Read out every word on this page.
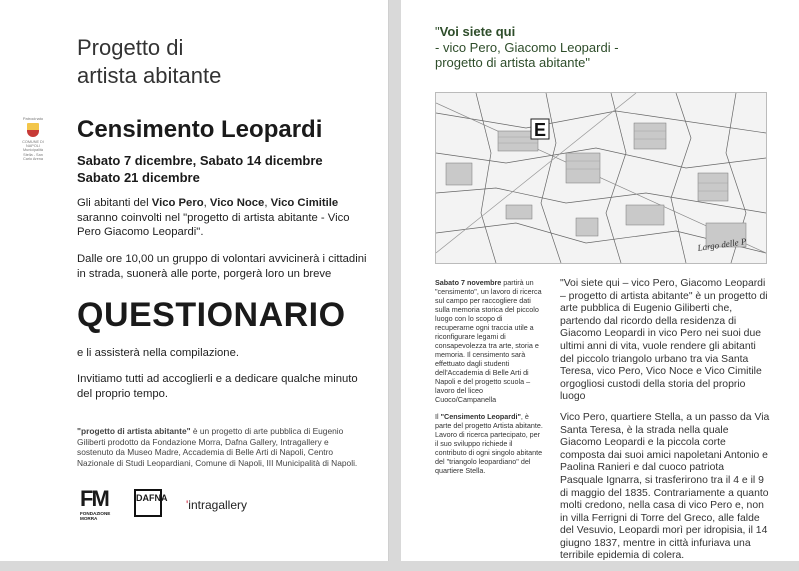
Progetto di
artista abitante
Patrocinato
COMUNE DI NAPOLI
Municipalità
Stella - San Carlo Arena
Censimento Leopardi
Sabato 7 dicembre, Sabato 14 dicembre
Sabato 21 dicembre
Gli abitanti del Vico Pero, Vico Noce, Vico Cimitile saranno coinvolti nel "progetto di artista abitante - Vico Pero Giacomo Leopardi".
Dalle ore 10,00 un gruppo di volontari avvicinerà i cittadini in strada, suonerà alle porte, porgerà loro un breve
QUESTIONARIO
e li assisterà nella compilazione.
Invitiamo tutti ad accoglierli e a dedicare qualche minuto del proprio tempo.
"progetto di artista abitante" è un progetto di arte pubblica di Eugenio Giliberti prodotto da Fondazione Morra, Dafna Gallery, Intragallery e sostenuto da Museo Madre, Accademia di Belle Arti di Napoli, Centro Nazionale di Studi Leopardiani, Comune di Napoli, III Municipalità di Napoli.
FM
FONDAZIONE
MORRA
DAFNA 'intragallery
"Voi siete qui
- vico Pero, Giacomo Leopardi -
progetto di artista abitante"
E
Largo delle P

Sabato 7 novembre partirà un "censimento", un lavoro di ricerca sul campo per raccogliere dati sulla memoria storica del piccolo luogo con lo scopo di recuperarne ogni traccia utile a riconfigurare legami di consapevolezza tra arte, storia e memoria. Il censimento sarà effettuato dagli studenti dell'Accademia di Belle Arti di Napoli e del progetto scuola – lavoro del liceo Cuoco/Campanella

Il "Censimento Leopardi", è parte del progetto Artista abitante. Lavoro di ricerca partecipato, per il suo sviluppo richiede il contributo di ogni singolo abitante del "triangolo leopardiano" del quartiere Stella.

"Voi siete qui – vico Pero, Giacomo Leopardi – progetto di artista abitante" è un progetto di arte pubblica di Eugenio Giliberti che, partendo dal ricordo della residenza di Giacomo Leopardi in vico Pero nei suoi due ultimi anni di vita, vuole rendere gli abitanti del piccolo triangolo urbano tra via Santa Teresa, vico Pero, Vico Noce e Vico Cimitile orgogliosi custodi della storia del proprio luogo

Vico Pero, quartiere Stella, a un passo da Via Santa Teresa, è la strada nella quale Giacomo Leopardi e la piccola corte composta dai suoi amici napoletani Antonio e Paolina Ranieri e dal cuoco patriota Pasquale Ignarra, si trasferirono tra il 4 e il 9 di maggio del 1835. Contrariamente a quanto molti credono, nella casa di vico Pero e, non in villa Ferrigni di Torre del Greco, alle falde del Vesuvio, Leopardi morì per idropisia, il 14 giugno 1837, mentre in città infuriava una terribile epidemia di colera.
